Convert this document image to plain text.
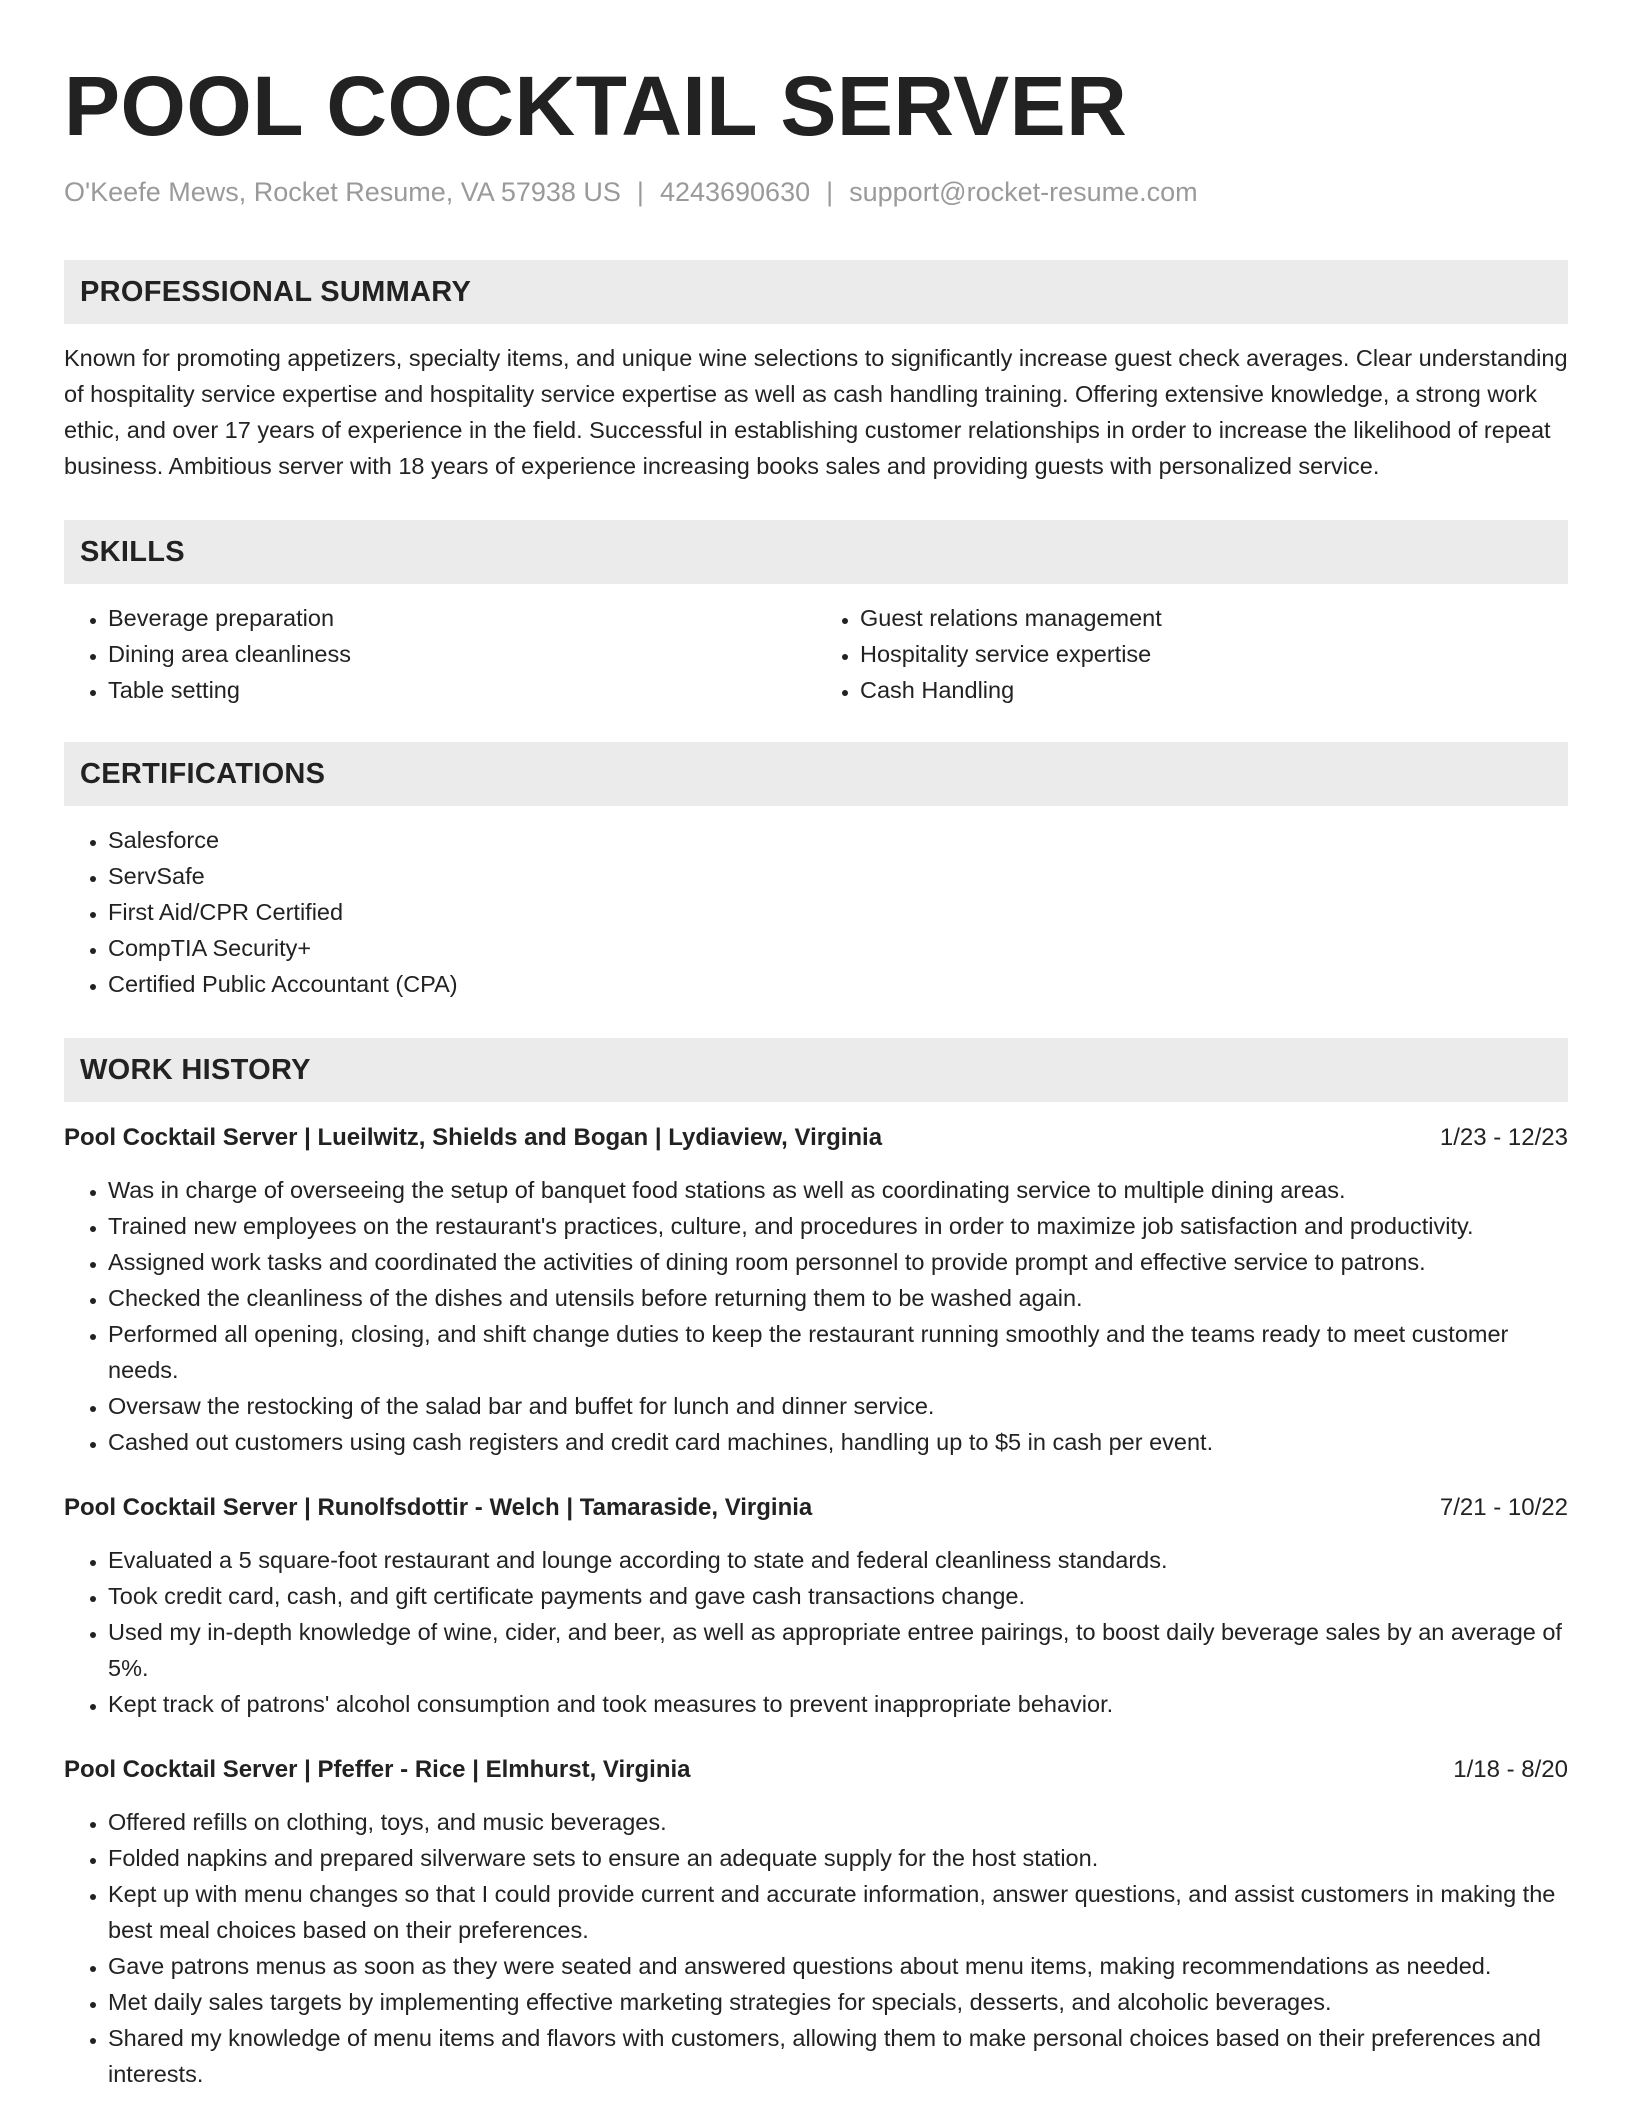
POOL COCKTAIL SERVER
O'Keefe Mews, Rocket Resume, VA 57938 US | 4243690630 | support@rocket-resume.com
PROFESSIONAL SUMMARY

Known for promoting appetizers, specialty items, and unique wine selections to significantly increase guest check averages. Clear understanding of hospitality service expertise and hospitality service expertise as well as cash handling training. Offering extensive knowledge, a strong work ethic, and over 17 years of experience in the field. Successful in establishing customer relationships in order to increase the likelihood of repeat business. Ambitious server with 18 years of experience increasing books sales and providing guests with personalized service.

SKILLS
• Beverage preparation
• Dining area cleanliness
• Table setting
• Guest relations management
• Hospitality service expertise
• Cash Handling
CERTIFICATIONS
• Salesforce
• ServSafe
• First Aid/CPR Certified
• CompTIA Security+
• Certified Public Accountant (CPA)
WORK HISTORY
Pool Cocktail Server | Lueilwitz, Shields and Bogan | Lydiaview, Virginia	1/23 - 12/23
• Was in charge of overseeing the setup of banquet food stations as well as coordinating service to multiple dining areas.
• Trained new employees on the restaurant's practices, culture, and procedures in order to maximize job satisfaction and productivity.
• Assigned work tasks and coordinated the activities of dining room personnel to provide prompt and effective service to patrons.
• Checked the cleanliness of the dishes and utensils before returning them to be washed again.
• Performed all opening, closing, and shift change duties to keep the restaurant running smoothly and the teams ready to meet customer needs.
• Oversaw the restocking of the salad bar and buffet for lunch and dinner service.
• Cashed out customers using cash registers and credit card machines, handling up to $5 in cash per event.
Pool Cocktail Server | Runolfsdottir - Welch | Tamaraside, Virginia	7/21 - 10/22
• Evaluated a 5 square-foot restaurant and lounge according to state and federal cleanliness standards.
• Took credit card, cash, and gift certificate payments and gave cash transactions change.
• Used my in-depth knowledge of wine, cider, and beer, as well as appropriate entree pairings, to boost daily beverage sales by an average of 5%.
• Kept track of patrons' alcohol consumption and took measures to prevent inappropriate behavior.
Pool Cocktail Server | Pfeffer - Rice | Elmhurst, Virginia	1/18 - 8/20
• Offered refills on clothing, toys, and music beverages.
• Folded napkins and prepared silverware sets to ensure an adequate supply for the host station.
• Kept up with menu changes so that I could provide current and accurate information, answer questions, and assist customers in making the best meal choices based on their preferences.
• Gave patrons menus as soon as they were seated and answered questions about menu items, making recommendations as needed.
• Met daily sales targets by implementing effective marketing strategies for specials, desserts, and alcoholic beverages.
• Shared my knowledge of menu items and flavors with customers, allowing them to make personal choices based on their preferences and interests.
